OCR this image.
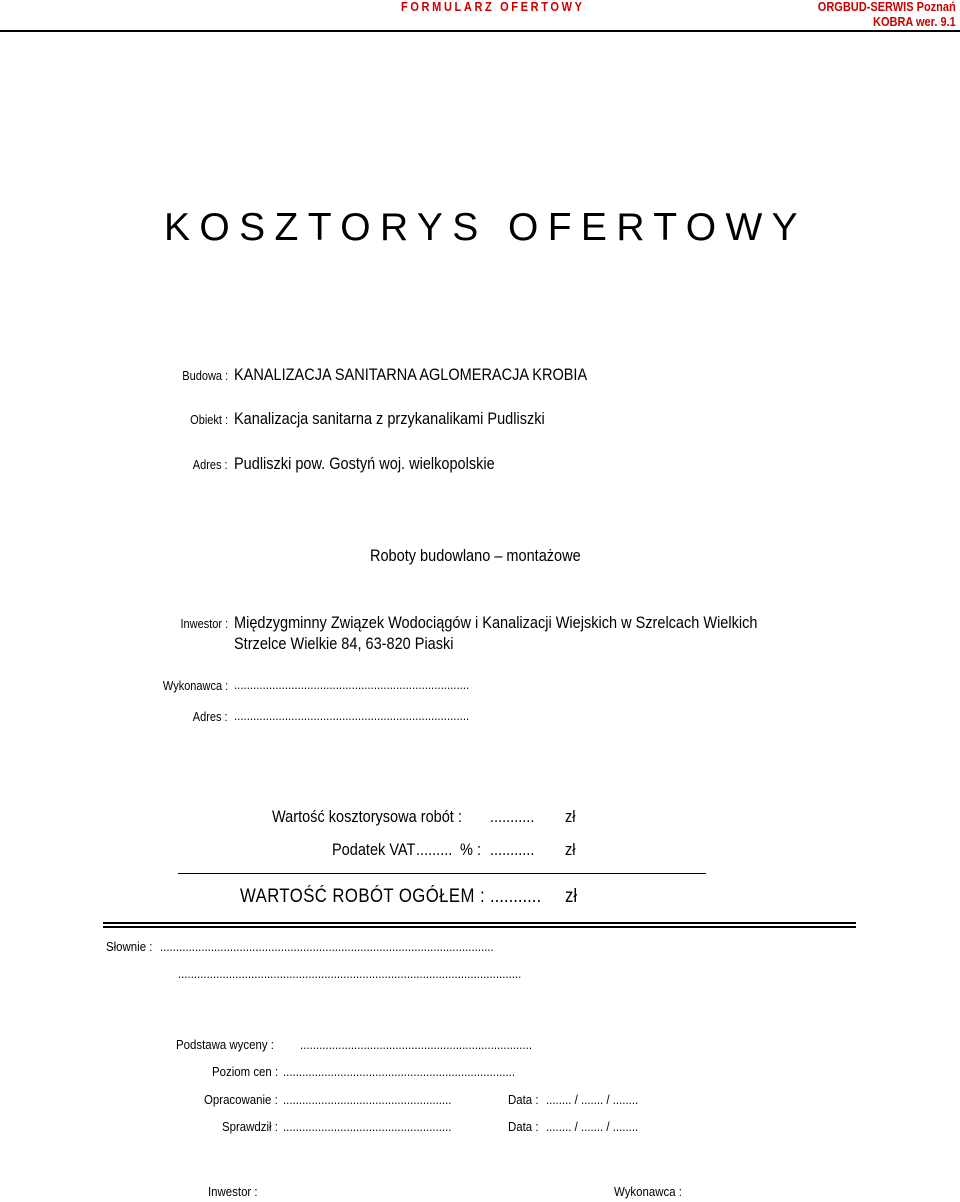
FORMULARZ OFERTOWY	ORGBUD-SERWIS Poznań
KOBRA wer. 9.1
KOSZTORYS OFERTOWY
Budowa : KANALIZACJA SANITARNA AGLOMERACJA KROBIA
Obiekt : Kanalizacja sanitarna z przykanalikami Pudliszki
Adres : Pudliszki pow. Gostyń woj. wielkopolskie
Roboty budowlano – montażowe
Inwestor : Międzygminny Związek Wodociągów i Kanalizacji Wiejskich w Szrelcach Wielkich
Strzelce Wielkie 84, 63-820 Piaski
Wykonawca : ..........................................................................
Adres : ..........................................................................
Wartość kosztorysowa robót : ........... zł
Podatek VAT ......... % : ........... zł
WARTOŚĆ ROBÓT OGÓŁEM : ........... zł
Słownie : .........................................................................................................
............................................................................................................
Podstawa wyceny : .........................................................................
Poziom cen : .........................................................................
Opracowanie : .....................................................	Data : ........ / ....... / ........
Sprawdził : .....................................................	Data : ........ / ....... / ........
Inwestor :	Wykonawca :
